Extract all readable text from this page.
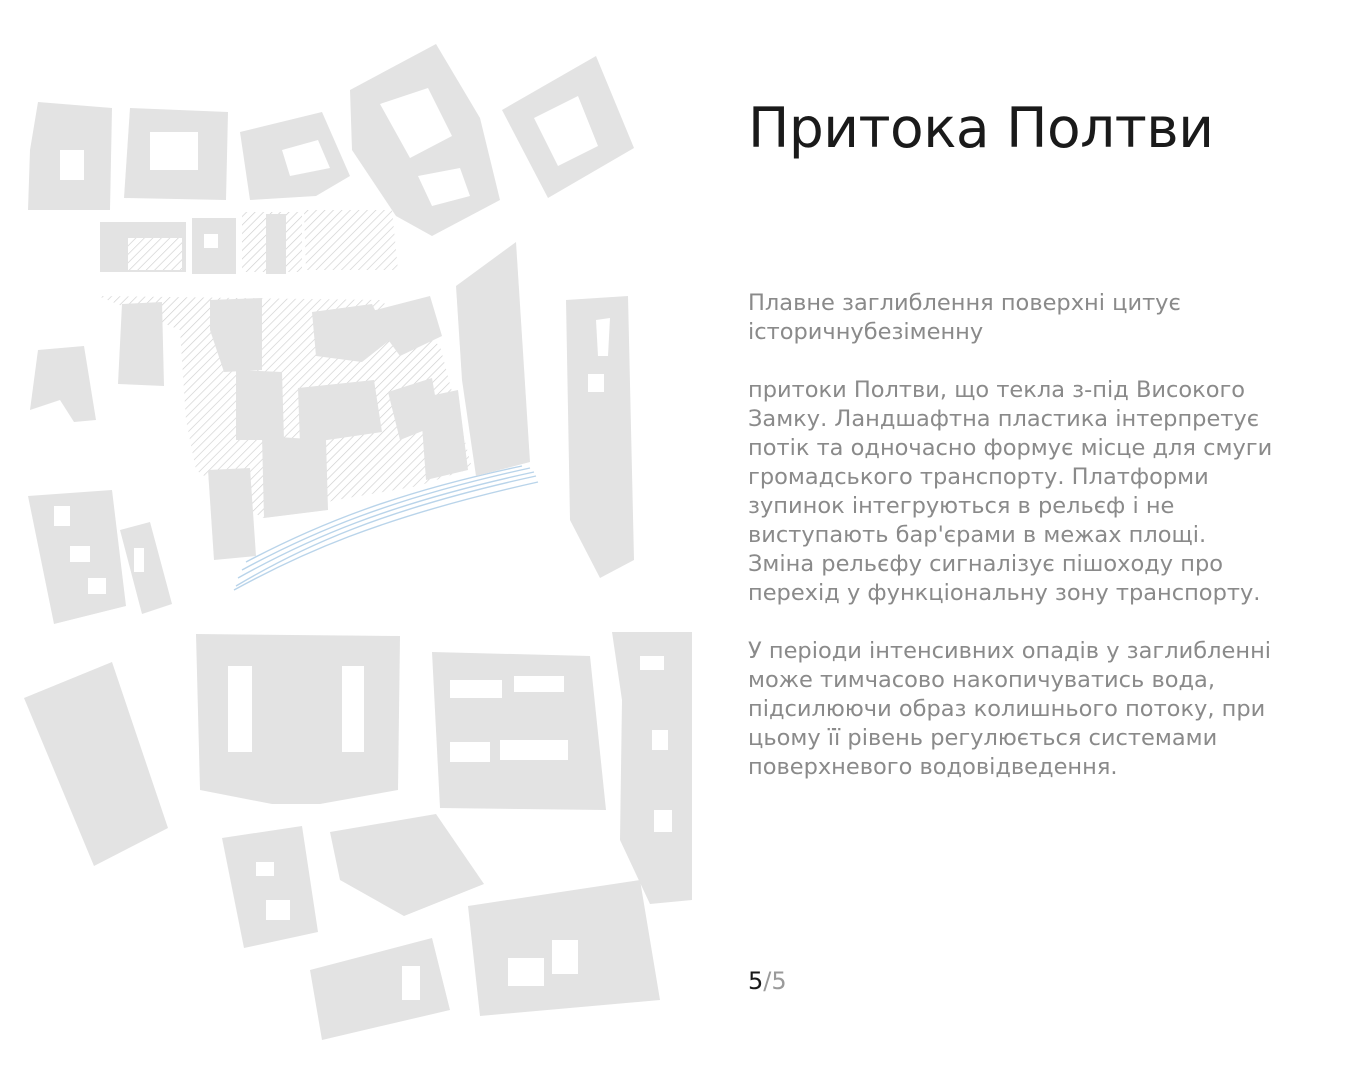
Притока Полтви

Плавне заглиблення поверхні цитує історичнубезіменну

притоки Полтви, що текла з-під Високого Замку. Ландшафтна пластика інтерпретує потік та одночасно формує місце для смуги громадського транспорту. Платформи зупинок інтегруються в рельєф і не виступають бар'єрами в межах площі. Зміна рельєфу сигналізує пішоходу про перехід у функціональну зону транспорту.

У періоди інтенсивних опадів у заглибленні може тимчасово накопичуватись вода, підсилюючи образ колишнього потоку, при цьому її рівень регулюється системами поверхневого водовідведення.

5/5
